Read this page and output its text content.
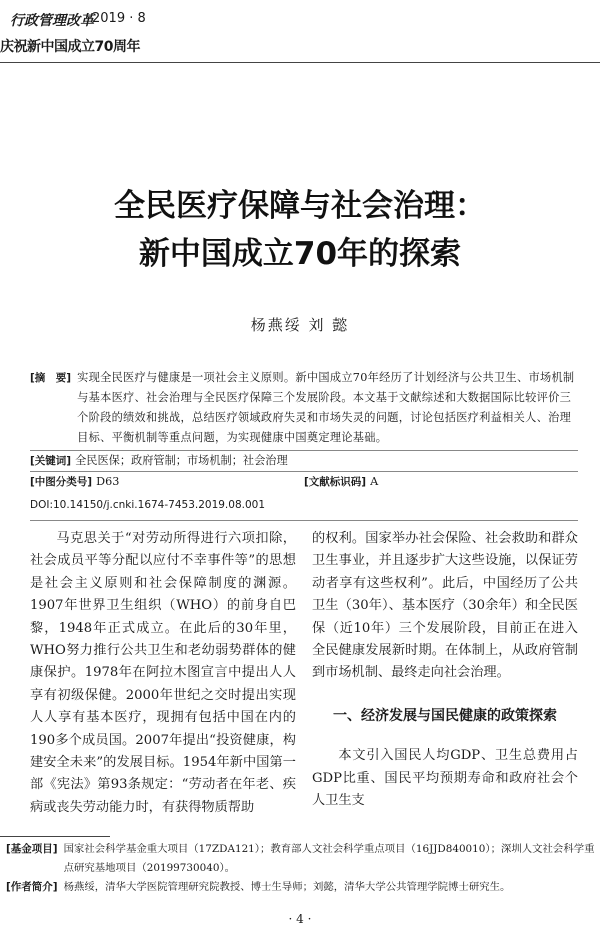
行政管理改革
2019 · 8
庆祝新中国成立70周年
全民医疗保障与社会治理：
新中国成立70年的探索
杨燕绥 刘 懿
[摘　要] 实现全民医疗与健康是一项社会主义原则。新中国成立70年经历了计划经济与公共卫生、市场机制与基本医疗、社会治理与全民医疗保障三个发展阶段。本文基于文献综述和大数据国际比较评价三个阶段的绩效和挑战，总结医疗领域政府失灵和市场失灵的问题，讨论包括医疗利益相关人、治理目标、平衡机制等重点问题，为实现健康中国奠定理论基础。
[关键词] 全民医保；政府管制；市场机制；社会治理
[中图分类号] D63	[文献标识码] A
DOI:10.14150/j.cnki.1674-7453.2019.08.001

马克思关于“对劳动所得进行六项扣除，社会成员平等分配以应付不幸事件等”的思想是社会主义原则和社会保障制度的渊源。1907年世界卫生组织（WHO）的前身自巴黎，1948年正式成立。在此后的30年里，WHO努力推行公共卫生和老幼弱势群体的健康保护。1978年在阿拉木图宣言中提出人人享有初级保健。2000年世纪之交时提出实现人人享有基本医疗，现拥有包括中国在内的190多个成员国。2007年提出“投资健康，构建安全未来”的发展目标。1954年新中国第一部《宪法》第93条规定：“劳动者在年老、疾病或丧失劳动能力时，有获得物质帮助

的权利。国家举办社会保险、社会救助和群众卫生事业，并且逐步扩大这些设施，以保证劳动者享有这些权利”。此后，中国经历了公共卫生（30年）、基本医疗（30余年）和全民医保（近10年）三个发展阶段，目前正在进入全民健康发展新时期。在体制上，从政府管制到市场机制、最终走向社会治理。

一、经济发展与国民健康的政策探索

本文引入国民人均GDP、卫生总费用占GDP比重、国民平均预期寿命和政府社会个人卫生支

[基金项目] 国家社会科学基金重大项目（17ZDA121）；教育部人文社会科学重点项目（16JJD840010）；深圳人文社会科学重点研究基地项目（20199730040）。
[作者简介] 杨燕绥，清华大学医院管理研究院教授、博士生导师；刘懿，清华大学公共管理学院博士研究生。
· 4 ·
